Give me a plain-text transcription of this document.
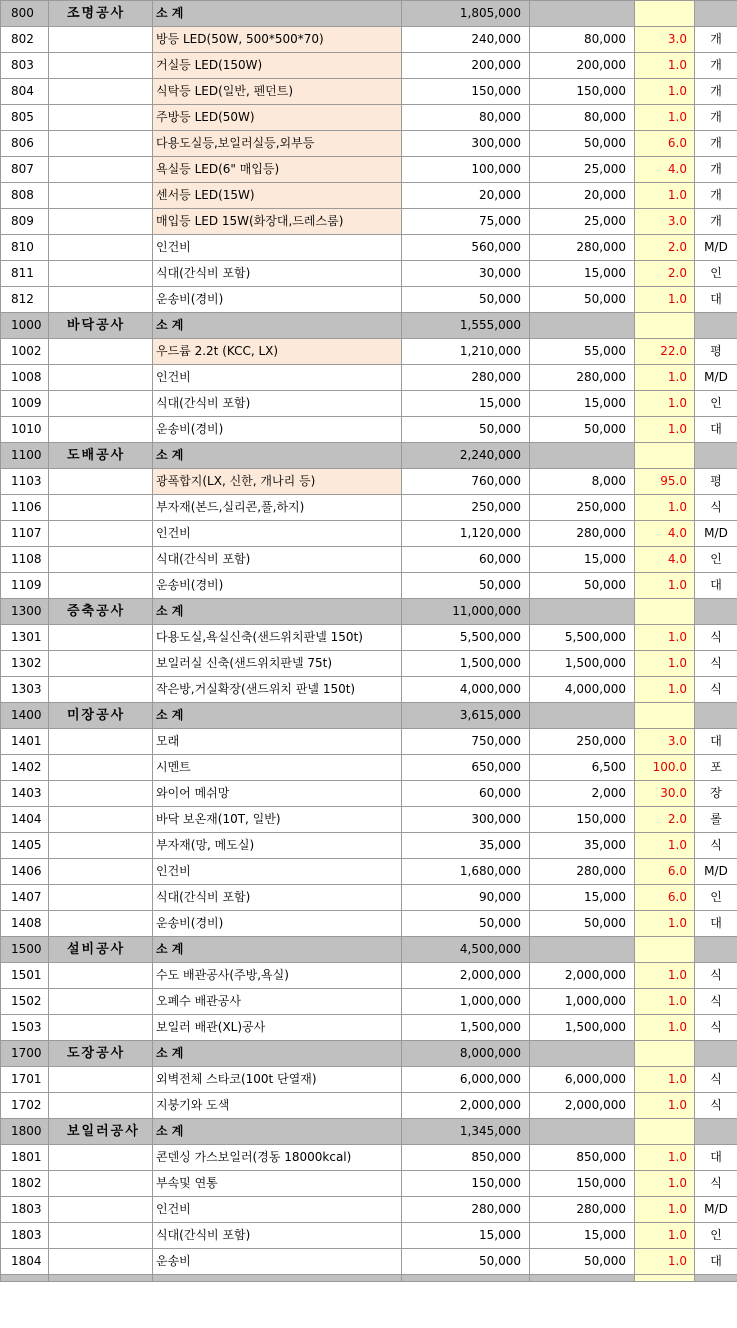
800	조명공사	소 계	1,805,000			
802		방등 LED(50W, 500*500*70)	240,000	80,000	3.0	개
803		거실등 LED(150W)	200,000	200,000	1.0	개
804		식탁등 LED(일반, 펜던트)	150,000	150,000	1.0	개
805		주방등 LED(50W)	80,000	80,000	1.0	개
806		다용도실등,보일러실등,외부등	300,000	50,000	6.0	개
807		욕실등 LED(6" 매입등)	100,000	25,000	4.0	개
808		센서등 LED(15W)	20,000	20,000	1.0	개
809		매입등 LED 15W(화장대,드레스룸)	75,000	25,000	3.0	개
810		인건비	560,000	280,000	2.0	M/D
811		식대(간식비 포함)	30,000	15,000	2.0	인
812		운송비(경비)	50,000	50,000	1.0	대
1000	바닥공사	소 계	1,555,000			
1002		우드륨 2.2t (KCC, LX)	1,210,000	55,000	22.0	평
1008		인건비	280,000	280,000	1.0	M/D
1009		식대(간식비 포함)	15,000	15,000	1.0	인
1010		운송비(경비)	50,000	50,000	1.0	대
1100	도배공사	소 계	2,240,000			
1103		광폭합지(LX, 신한, 개나리 등)	760,000	8,000	95.0	평
1106		부자재(본드,실리콘,풀,하지)	250,000	250,000	1.0	식
1107		인건비	1,120,000	280,000	4.0	M/D
1108		식대(간식비 포함)	60,000	15,000	4.0	인
1109		운송비(경비)	50,000	50,000	1.0	대
1300	증축공사	소 계	11,000,000			
1301		다용도실,욕실신축(샌드위치판넬 150t)	5,500,000	5,500,000	1.0	식
1302		보일러실 신축(샌드위치판넬 75t)	1,500,000	1,500,000	1.0	식
1303		작은방,거실확장(샌드위치 판넬 150t)	4,000,000	4,000,000	1.0	식
1400	미장공사	소 계	3,615,000			
1401		모래	750,000	250,000	3.0	대
1402		시멘트	650,000	6,500	100.0	포
1403		와이어 메쉬망	60,000	2,000	30.0	장
1404		바닥 보온재(10T, 일반)	300,000	150,000	2.0	롤
1405		부자재(망, 메도실)	35,000	35,000	1.0	식
1406		인건비	1,680,000	280,000	6.0	M/D
1407		식대(간식비 포함)	90,000	15,000	6.0	인
1408		운송비(경비)	50,000	50,000	1.0	대
1500	설비공사	소 계	4,500,000			
1501		수도 배관공사(주방,욕실)	2,000,000	2,000,000	1.0	식
1502		오폐수 배관공사	1,000,000	1,000,000	1.0	식
1503		보일러 배관(XL)공사	1,500,000	1,500,000	1.0	식
1700	도장공사	소 계	8,000,000			
1701		외벽전체 스타코(100t 단열재)	6,000,000	6,000,000	1.0	식
1702		지붕기와 도색	2,000,000	2,000,000	1.0	식
1800	보일러공사	소 계	1,345,000			
1801		콘덴싱 가스보일러(경동 18000kcal)	850,000	850,000	1.0	대
1802		부속및 연통	150,000	150,000	1.0	식
1803		인건비	280,000	280,000	1.0	M/D
1803		식대(간식비 포함)	15,000	15,000	1.0	인
1804		운송비	50,000	50,000	1.0	대
